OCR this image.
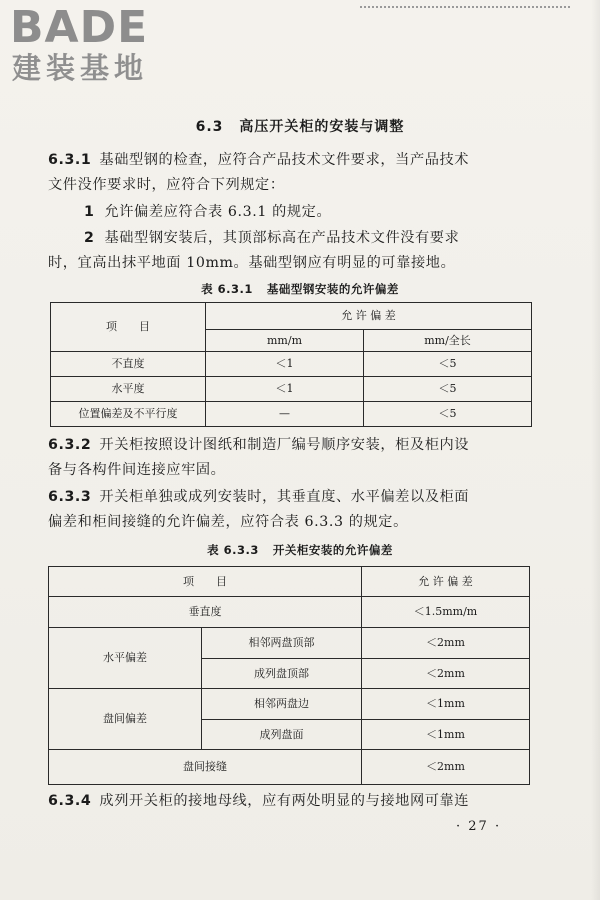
BADE
建装基地
6.3 高压开关柜的安装与调整
6.3.1 基础型钢的检查，应符合产品技术文件要求，当产品技术
文件没作要求时，应符合下列规定：
1 允许偏差应符合表 6.3.1 的规定。
2 基础型钢安装后，其顶部标高在产品技术文件没有要求
时，宜高出抹平地面 10mm。基础型钢应有明显的可靠接地。
表 6.3.1 基础型钢安装的允许偏差
项　　目	允 许 偏 差	
	mm/m	mm/全长
不直度	＜1	＜5
水平度	＜1	＜5
位置偏差及不平行度	—	＜5
6.3.2 开关柜按照设计图纸和制造厂编号顺序安装，柜及柜内设
备与各构件间连接应牢固。
6.3.3 开关柜单独或成列安装时，其垂直度、水平偏差以及柜面
偏差和柜间接缝的允许偏差，应符合表 6.3.3 的规定。
表 6.3.3 开关柜安装的允许偏差
项　　目		允 许 偏 差
垂直度		＜1.5mm/m
水平偏差	相邻两盘顶部	＜2mm
	成列盘顶部	＜2mm
盘间偏差	相邻两盘边	＜1mm
	成列盘面	＜1mm
盘间接缝		＜2mm
6.3.4 成列开关柜的接地母线，应有两处明显的与接地网可靠连
· 27 ·
